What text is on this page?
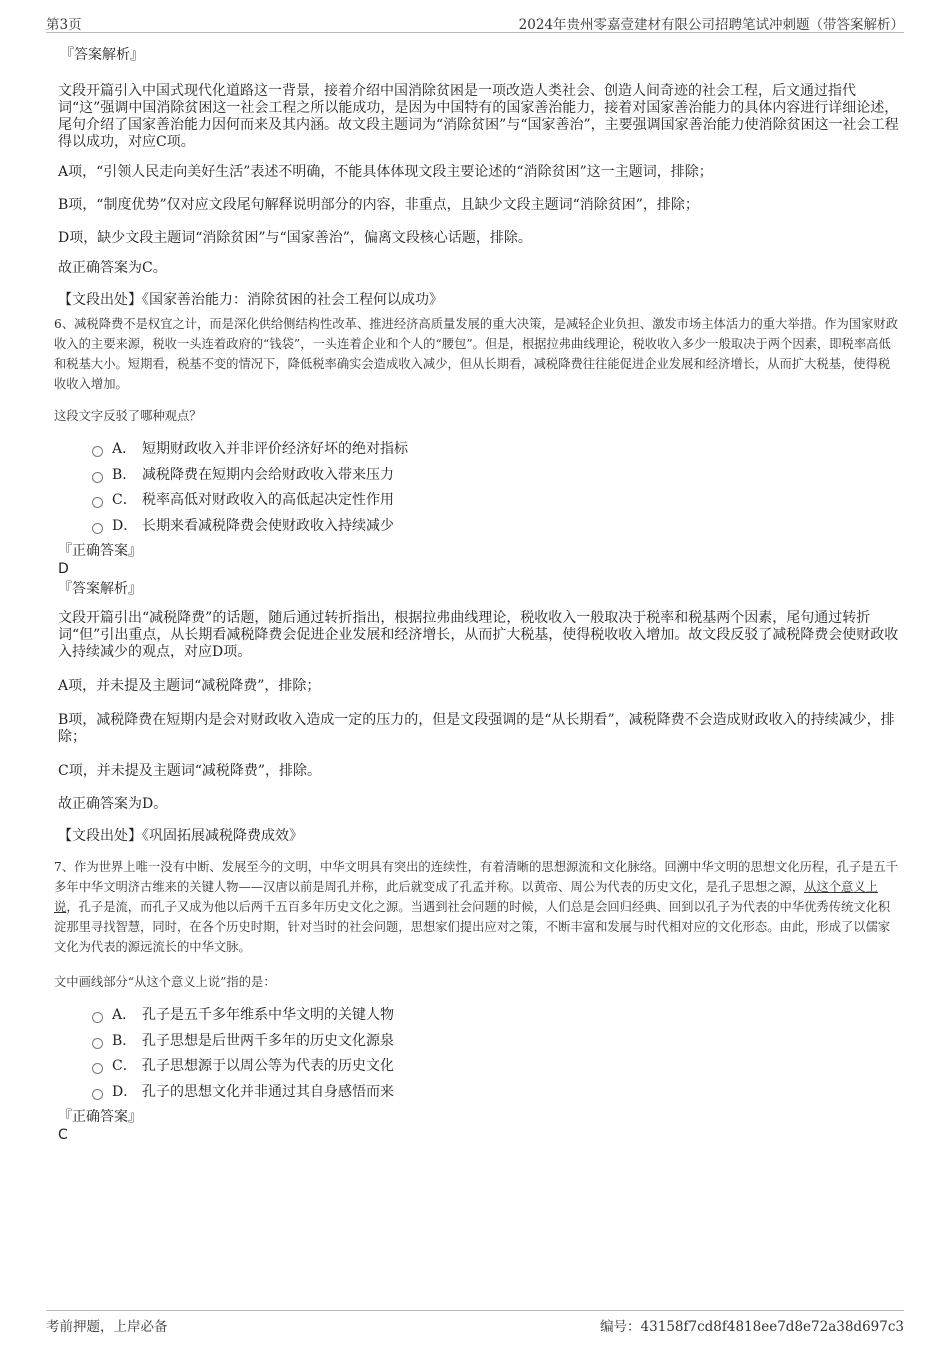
第3页	2024年贵州零嘉壹建材有限公司招聘笔试冲刺题（带答案解析）
『答案解析』

文段开篇引入中国式现代化道路这一背景，接着介绍中国消除贫困是一项改造人类社会、创造人间奇迹的社会工程，后文通过指代词“这”强调中国消除贫困这一社会工程之所以能成功，是因为中国特有的国家善治能力，接着对国家善治能力的具体内容进行详细论述，尾句介绍了国家善治能力因何而来及其内涵。故文段主题词为“消除贫困”与“国家善治”，主要强调国家善治能力使消除贫困这一社会工程得以成功，对应C项。

A项，“引领人民走向美好生活”表述不明确，不能具体体现文段主要论述的“消除贫困”这一主题词，排除；

B项，“制度优势”仅对应文段尾句解释说明部分的内容，非重点，且缺少文段主题词“消除贫困”，排除；

D项，缺少文段主题词“消除贫困”与“国家善治”，偏离文段核心话题，排除。

故正确答案为C。

【文段出处】《国家善治能力：消除贫困的社会工程何以成功》

6、减税降费不是权宜之计，而是深化供给侧结构性改革、推进经济高质量发展的重大决策，是减轻企业负担、激发市场主体活力的重大举措。作为国家财政收入的主要来源，税收一头连着政府的“钱袋”，一头连着企业和个人的“腰包”。但是，根据拉弗曲线理论，税收收入多少一般取决于两个因素，即税率高低和税基大小。短期看，税基不变的情况下，降低税率确实会造成收入减少，但从长期看，减税降费往往能促进企业发展和经济增长，从而扩大税基，使得税收收入增加。

这段文字反驳了哪种观点？

A． 短期财政收入并非评价经济好坏的绝对指标
B． 减税降费在短期内会给财政收入带来压力
C． 税率高低对财政收入的高低起决定性作用
D． 长期来看减税降费会使财政收入持续减少
『正确答案』
D
『答案解析』

文段开篇引出“减税降费”的话题，随后通过转折指出，根据拉弗曲线理论，税收收入一般取决于税率和税基两个因素，尾句通过转折词“但”引出重点，从长期看减税降费会促进企业发展和经济增长，从而扩大税基，使得税收收入增加。故文段反驳了减税降费会使财政收入持续减少的观点，对应D项。

A项，并未提及主题词“减税降费”，排除；

B项，减税降费在短期内是会对财政收入造成一定的压力的，但是文段强调的是“从长期看”，减税降费不会造成财政收入的持续减少，排除；

C项，并未提及主题词“减税降费”，排除。

故正确答案为D。

【文段出处】《巩固拓展减税降费成效》

7、作为世界上唯一没有中断、发展至今的文明，中华文明具有突出的连续性，有着清晰的思想源流和文化脉络。回溯中华文明的思想文化历程，孔子是五千多年中华文明济古维来的关键人物——汉唐以前是周孔并称，此后就变成了孔孟并称。以黄帝、周公为代表的历史文化，是孔子思想之源，从这个意义上说，孔子是流，而孔子又成为他以后两千五百多年历史文化之源。当遇到社会问题的时候，人们总是会回归经典、回到以孔子为代表的中华优秀传统文化积淀那里寻找智慧，同时，在各个历史时期，针对当时的社会问题，思想家们提出应对之策，不断丰富和发展与时代相对应的文化形态。由此，形成了以儒家文化为代表的源远流长的中华文脉。

文中画线部分“从这个意义上说”指的是：

A． 孔子是五千多年维系中华文明的关键人物
B． 孔子思想是后世两千多年的历史文化源泉
C． 孔子思想源于以周公等为代表的历史文化
D． 孔子的思想文化并非通过其自身感悟而来
『正确答案』
C
考前押题，上岸必备	编号：43158f7cd8f4818ee7d8e72a38d697c3
